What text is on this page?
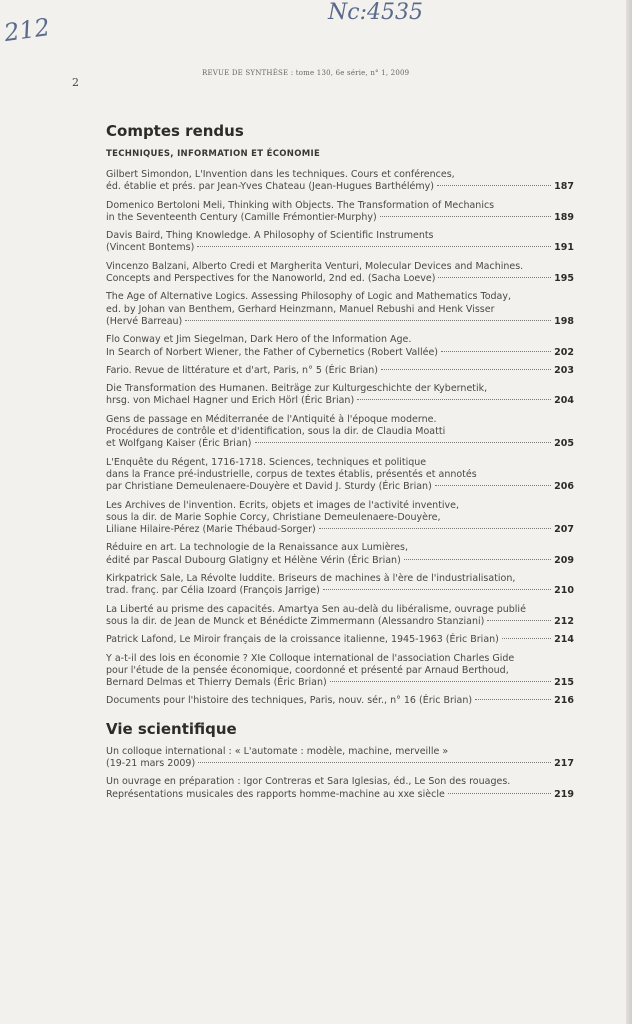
212
Nc:4535
2
REVUE DE SYNTHÈSE : tome 130, 6e série, n° 1, 2009
Comptes rendus
TECHNIQUES, INFORMATION ET ÉCONOMIE
Gilbert Simondon, L'Invention dans les techniques. Cours et conférences,
éd. établie et prés. par Jean-Yves Chateau (Jean-Hugues Barthélémy)	187
Domenico Bertoloni Meli, Thinking with Objects. The Transformation of Mechanics
in the Seventeenth Century (Camille Frémontier-Murphy)	189
Davis Baird, Thing Knowledge. A Philosophy of Scientific Instruments
(Vincent Bontems)	191
Vincenzo Balzani, Alberto Credi et Margherita Venturi, Molecular Devices and Machines.
Concepts and Perspectives for the Nanoworld, 2nd ed. (Sacha Loeve)	195
The Age of Alternative Logics. Assessing Philosophy of Logic and Mathematics Today,
ed. by Johan van Benthem, Gerhard Heinzmann, Manuel Rebushi and Henk Visser
(Hervé Barreau)	198
Flo Conway et Jim Siegelman, Dark Hero of the Information Age.
In Search of Norbert Wiener, the Father of Cybernetics (Robert Vallée)	202
Fario. Revue de littérature et d'art, Paris, n° 5 (Éric Brian)	203
Die Transformation des Humanen. Beiträge zur Kulturgeschichte der Kybernetik,
hrsg. von Michael Hagner und Erich Hörl (Éric Brian)	204
Gens de passage en Méditerranée de l'Antiquité à l'époque moderne.
Procédures de contrôle et d'identification, sous la dir. de Claudia Moatti
et Wolfgang Kaiser (Éric Brian)	205
L'Enquête du Régent, 1716-1718. Sciences, techniques et politique
dans la France pré-industrielle, corpus de textes établis, présentés et annotés
par Christiane Demeulenaere-Douyère et David J. Sturdy (Éric Brian)	206
Les Archives de l'invention. Écrits, objets et images de l'activité inventive,
sous la dir. de Marie Sophie Corcy, Christiane Demeulenaere-Douyère,
Liliane Hilaire-Pérez (Marie Thébaud-Sorger)	207
Réduire en art. La technologie de la Renaissance aux Lumières,
édité par Pascal Dubourg Glatigny et Hélène Vérin (Éric Brian)	209
Kirkpatrick Sale, La Révolte luddite. Briseurs de machines à l'ère de l'industrialisation,
trad. franç. par Célia Izoard (François Jarrige)	210
La Liberté au prisme des capacités. Amartya Sen au-delà du libéralisme, ouvrage publié
sous la dir. de Jean de Munck et Bénédicte Zimmermann (Alessandro Stanziani)	212
Patrick Lafond, Le Miroir français de la croissance italienne, 1945-1963 (Éric Brian)	214
Y a-t-il des lois en économie ? XIe Colloque international de l'association Charles Gide
pour l'étude de la pensée économique, coordonné et présenté par Arnaud Berthoud,
Bernard Delmas et Thierry Demals (Éric Brian)	215
Documents pour l'histoire des techniques, Paris, nouv. sér., n° 16 (Éric Brian)	216
Vie scientifique
Un colloque international : « L'automate : modèle, machine, merveille »
(19-21 mars 2009)	217
Un ouvrage en préparation : Igor Contreras et Sara Iglesias, éd., Le Son des rouages.
Représentations musicales des rapports homme-machine au xxe siècle	219
